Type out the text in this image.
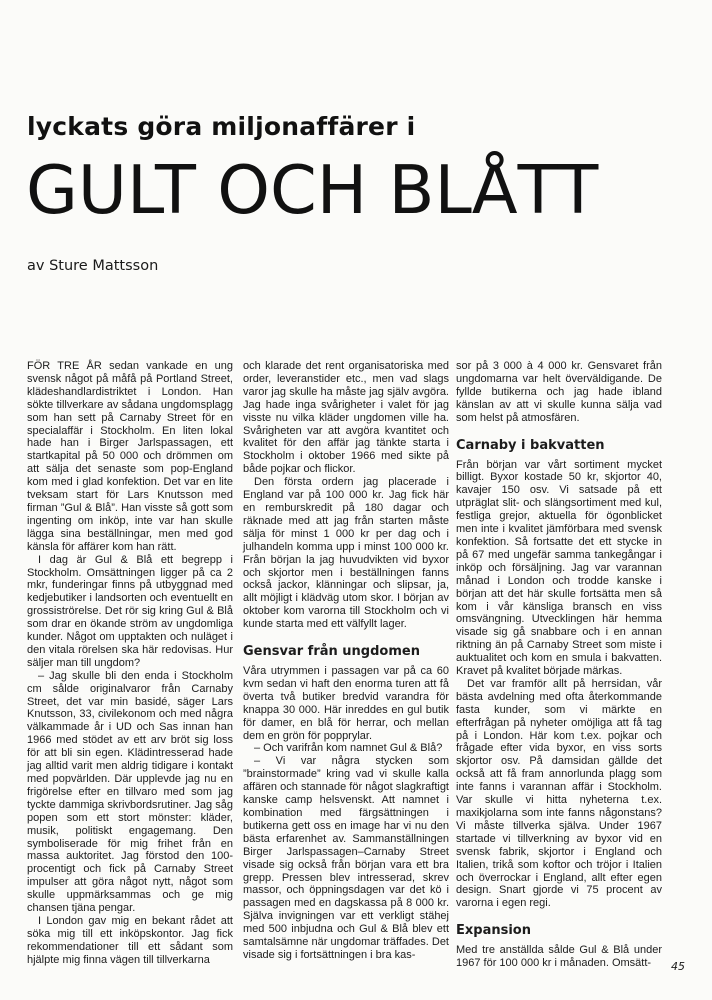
lyckats göra miljonaffärer i
GULT OCH BLÅTT
av Sture Mattsson

FÖR TRE ÅR sedan vankade en ung svensk något på måfå på Portland Street, klädeshandlardistriktet i London. Han sökte tillverkare av sådana ungdomsplagg som han sett på Carnaby Street för en specialaffär i Stockholm. En liten lokal hade han i Birger Jarlspassagen, ett startkapital på 50 000 och drömmen om att sälja det senaste som pop-England kom med i glad konfektion. Det var en lite tveksam start för Lars Knutsson med firman ”Gul & Blå”. Han visste så gott som ingenting om inköp, inte var han skulle lägga sina beställningar, men med god känsla för affärer kom han rätt.

I dag är Gul & Blå ett begrepp i Stockholm. Omsättningen ligger på ca 2 mkr, funderingar finns på utbyggnad med kedjebutiker i landsorten och eventuellt en grossiströrelse. Det rör sig kring Gul & Blå som drar en ökande ström av ungdomliga kunder. Något om upptakten och nuläget i den vitala rörelsen ska här redovisas. Hur säljer man till ungdom?

– Jag skulle bli den enda i Stockholm cm sålde originalvaror från Carnaby Street, det var min basidé, säger Lars Knutsson, 33, civilekonom och med några välkammade år i UD och Sas innan han 1966 med stödet av ett arv bröt sig loss för att bli sin egen. Klädintresserad hade jag alltid varit men aldrig tidigare i kontakt med popvärlden. Där upplevde jag nu en frigörelse efter en tillvaro med som jag tyckte dammiga skrivbordsrutiner. Jag såg popen som ett stort mönster: kläder, musik, politiskt engagemang. Den symboliserade för mig frihet från en massa auktoritet. Jag förstod den 100-procentigt och fick på Carnaby Street impulser att göra något nytt, något som skulle uppmärksammas och ge mig chansen tjäna pengar.

I London gav mig en bekant rådet att söka mig till ett inköpskontor. Jag fick rekommendationer till ett sådant som hjälpte mig finna vägen till tillverkarna

och klarade det rent organisatoriska med order, leveranstider etc., men vad slags varor jag skulle ha måste jag själv avgöra. Jag hade inga svårigheter i valet för jag visste nu vilka kläder ungdomen ville ha. Svårigheten var att avgöra kvantitet och kvalitet för den affär jag tänkte starta i Stockholm i oktober 1966 med sikte på både pojkar och flickor.

Den första ordern jag placerade i England var på 100 000 kr. Jag fick här en remburskredit på 180 dagar och räknade med att jag från starten måste sälja för minst 1 000 kr per dag och i julhandeln komma upp i minst 100 000 kr. Från början la jag huvudvikten vid byxor och skjortor men i beställningen fanns också jackor, klänningar och slipsar, ja, allt möjligt i klädväg utom skor. I början av oktober kom varorna till Stockholm och vi kunde starta med ett välfyllt lager.

Gensvar från ungdomen

Våra utrymmen i passagen var på ca 60 kvm sedan vi haft den enorma turen att få överta två butiker bredvid varandra för knappa 30 000. Här inreddes en gul butik för damer, en blå för herrar, och mellan dem en grön för popprylar.

– Och varifrån kom namnet Gul & Blå?

– Vi var några stycken som ”brainstormade” kring vad vi skulle kalla affären och stannade för något slagkraftigt kanske camp helsvenskt. Att namnet i kombination med färgsättningen i butikerna gett oss en image har vi nu den bästa erfarenhet av. Sammanställningen Birger Jarlspassagen–Carnaby Street visade sig också från början vara ett bra grepp. Pressen blev intresserad, skrev massor, och öppningsdagen var det kö i passagen med en dagskassa på 8 000 kr. Själva invigningen var ett verkligt stähej med 500 inbjudna och Gul & Blå blev ett samtalsämne när ungdomar träffades. Det visade sig i fortsättningen i bra kas-

sor på 3 000 à 4 000 kr. Gensvaret från ungdomarna var helt överväldigande. De fyllde butikerna och jag hade ibland känslan av att vi skulle kunna sälja vad som helst på atmosfären.

Carnaby i bakvatten

Från början var vårt sortiment mycket billigt. Byxor kostade 50 kr, skjortor 40, kavajer 150 osv. Vi satsade på ett utpräglat slit- och slängsortiment med kul, festliga grejor, aktuella för ögonblicket men inte i kvalitet jämförbara med svensk konfektion. Så fortsatte det ett stycke in på 67 med ungefär samma tankegångar i inköp och försäljning. Jag var varannan månad i London och trodde kanske i början att det här skulle fortsätta men så kom i vår känsliga bransch en viss omsvängning. Utvecklingen här hemma visade sig gå snabbare och i en annan riktning än på Carnaby Street som miste i auktualitet och kom en smula i bakvatten. Kravet på kvalitet började märkas.

Det var framför allt på herrsidan, vår bästa avdelning med ofta återkommande fasta kunder, som vi märkte en efterfrågan på nyheter omöjliga att få tag på i London. Här kom t.ex. pojkar och frågade efter vida byxor, en viss sorts skjortor osv. På damsidan gällde det också att få fram annorlunda plagg som inte fanns i varannan affär i Stockholm. Var skulle vi hitta nyheterna t.ex. maxikjolarna som inte fanns någonstans? Vi måste tillverka själva. Under 1967 startade vi tillverkning av byxor vid en svensk fabrik, skjortor i England och Italien, trikå som koftor och tröjor i Italien och överrockar i England, allt efter egen design. Snart gjorde vi 75 procent av varorna i egen regi.

Expansion

Med tre anställda sålde Gul & Blå under 1967 för 100 000 kr i månaden. Omsätt-	45
